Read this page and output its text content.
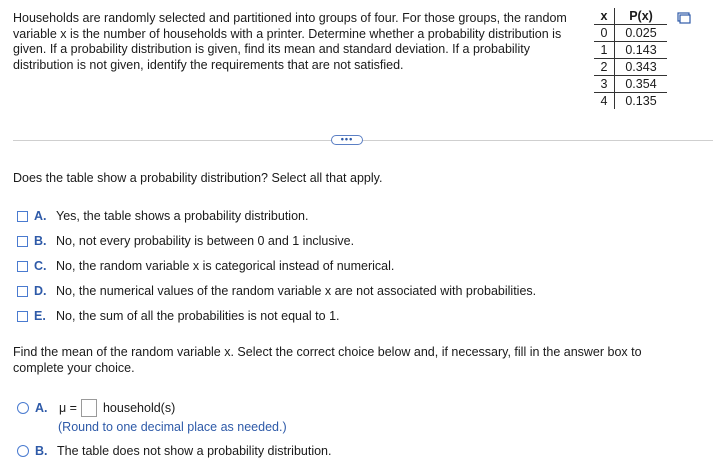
Households are randomly selected and partitioned into groups of four. For those groups, the random variable x is the number of households with a printer. Determine whether a probability distribution is given. If a probability distribution is given, find its mean and standard deviation. If a probability distribution is not given, identify the requirements that are not satisfied.
x	P(x)
0	0.025
1	0.143
2	0.343
3	0.354
4	0.135
•••
Does the table show a probability distribution? Select all that apply.
A. Yes, the table shows a probability distribution.
B. No, not every probability is between 0 and 1 inclusive.
C. No, the random variable x is categorical instead of numerical.
D. No, the numerical values of the random variable x are not associated with probabilities.
E. No, the sum of all the probabilities is not equal to 1.
Find the mean of the random variable x. Select the correct choice below and, if necessary, fill in the answer box to complete your choice.
A. μ = household(s)
(Round to one decimal place as needed.)
B. The table does not show a probability distribution.
